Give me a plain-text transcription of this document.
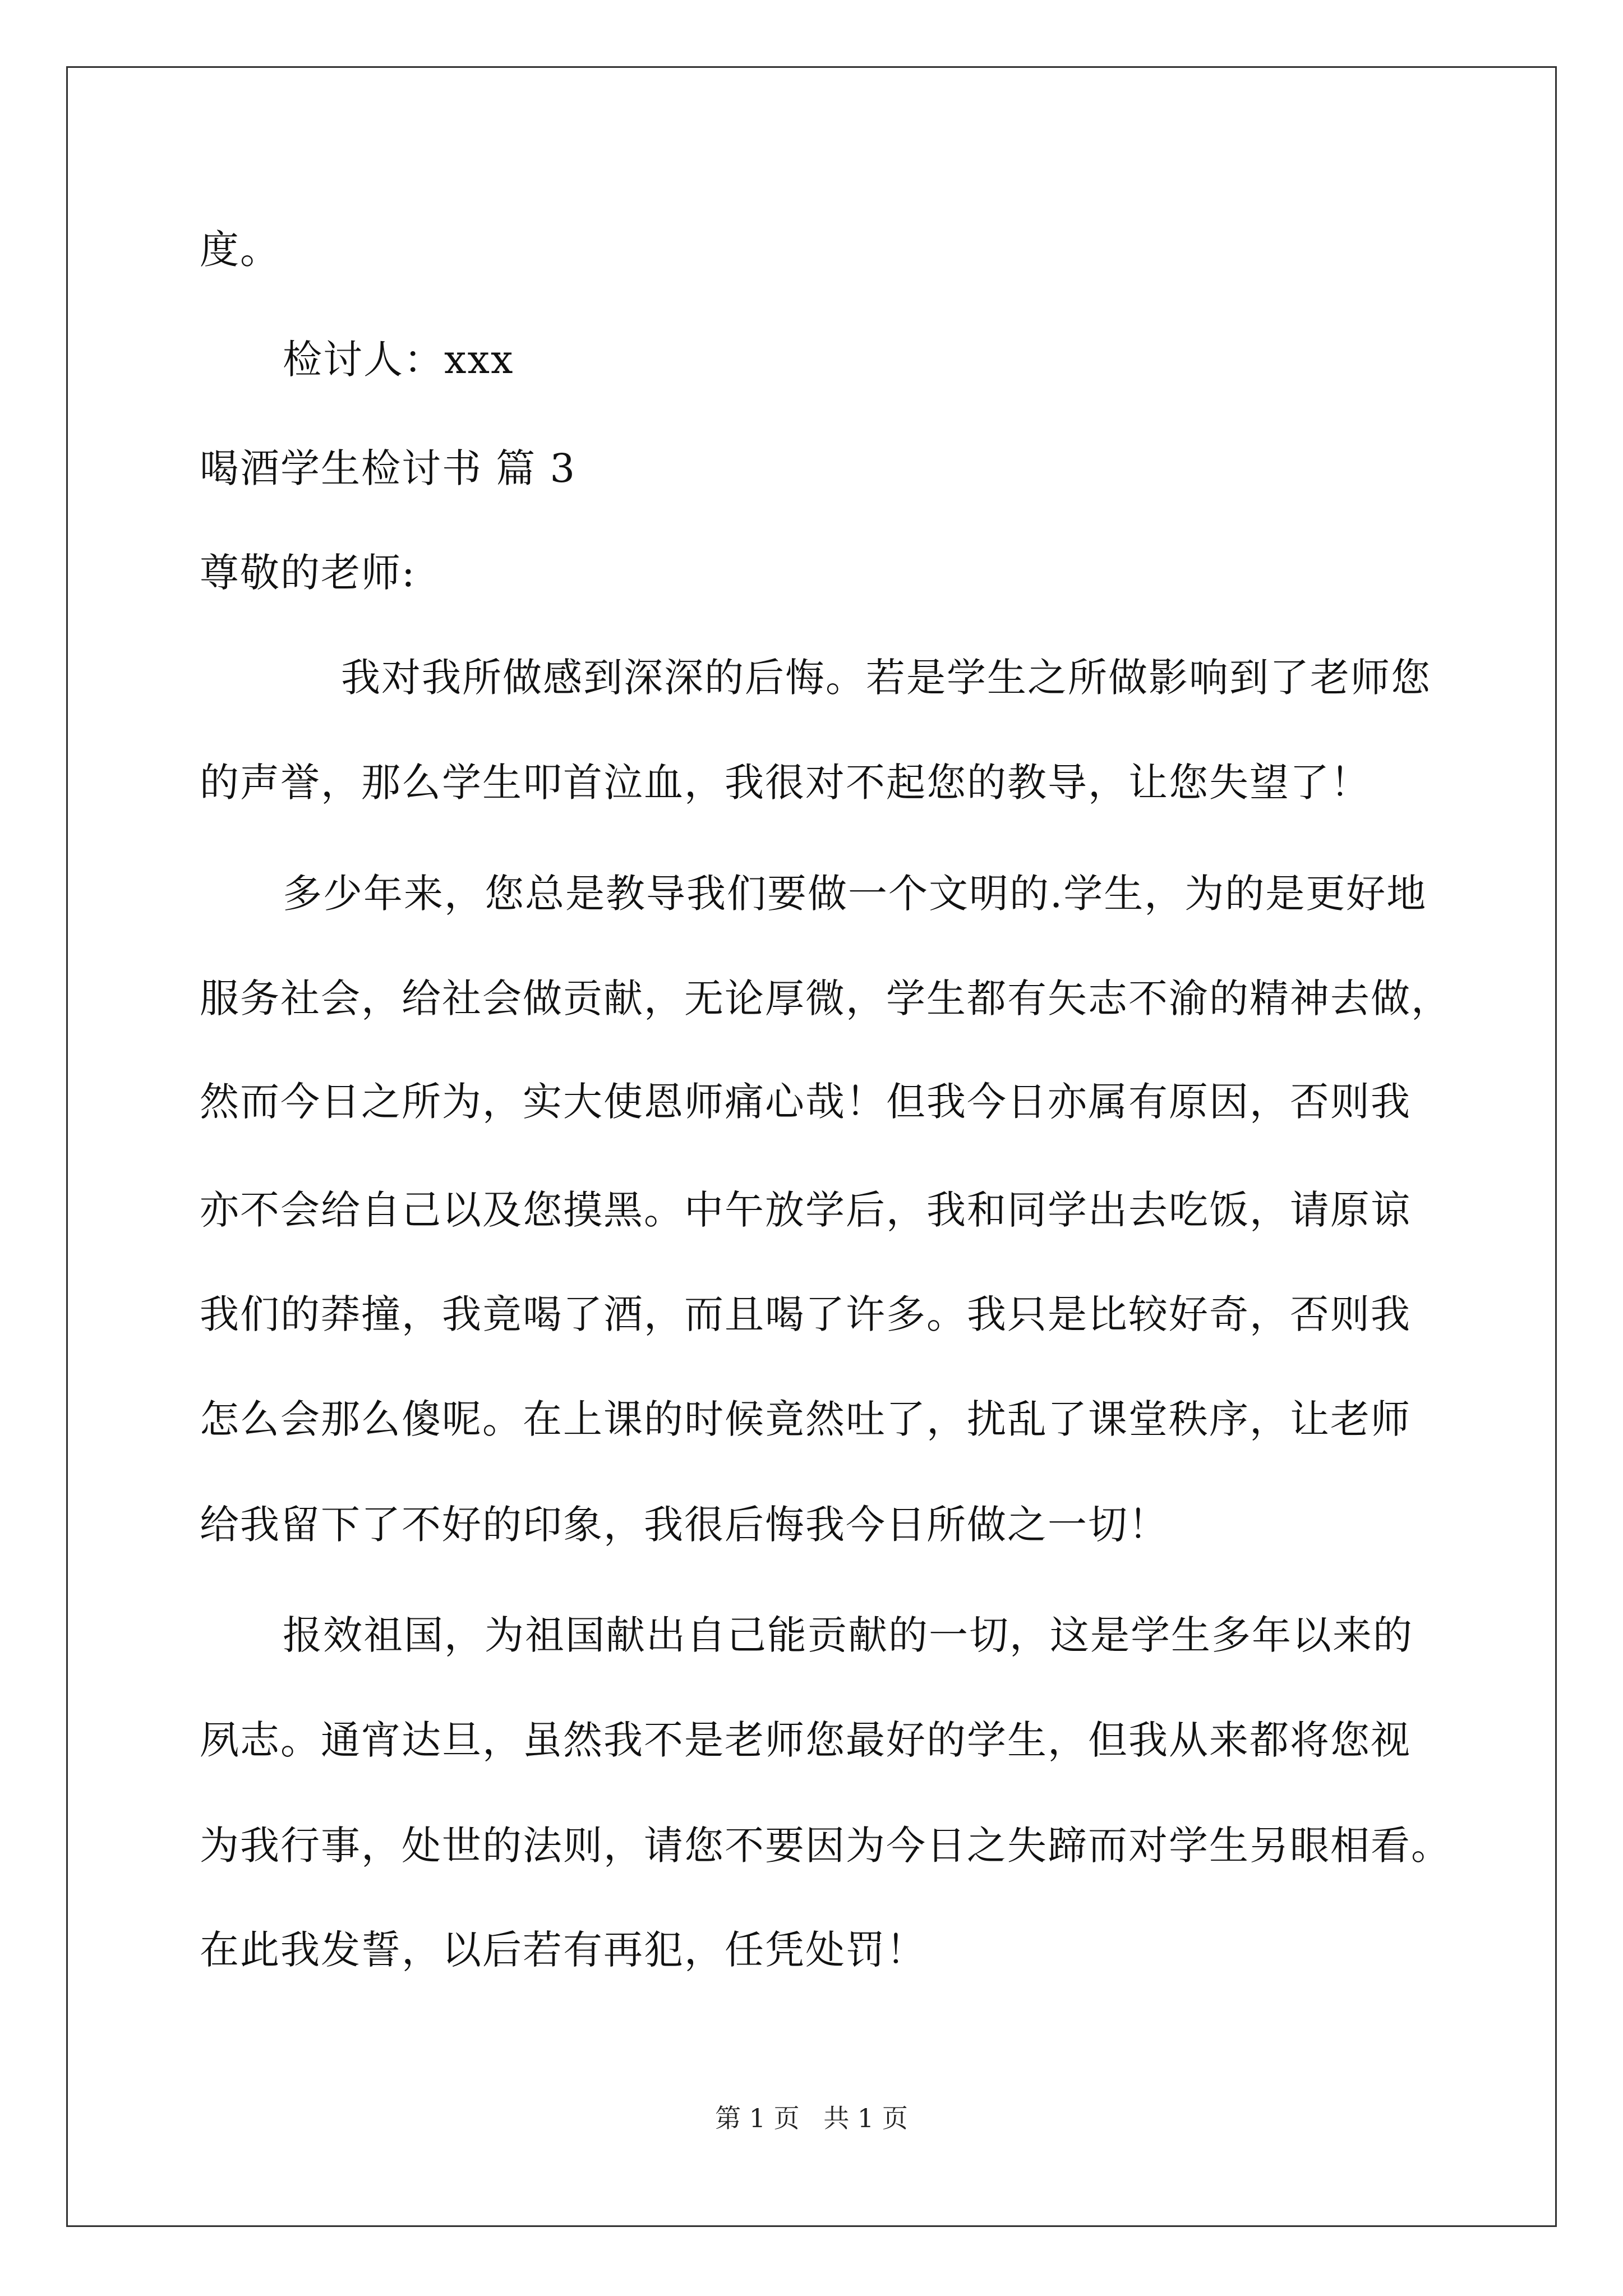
度。
检讨人：xxx
喝酒学生检讨书 篇 3
尊敬的老师:
我对我所做感到深深的后悔。若是学生之所做影响到了老师您
的声誉，那么学生叩首泣血，我很对不起您的教导，让您失望了！
多少年来，您总是教导我们要做一个文明的.学生，为的是更好地
服务社会，给社会做贡献，无论厚微，学生都有矢志不渝的精神去做，
然而今日之所为，实大使恩师痛心哉！但我今日亦属有原因，否则我
亦不会给自己以及您摸黑。中午放学后，我和同学出去吃饭，请原谅
我们的莽撞，我竟喝了酒，而且喝了许多。我只是比较好奇，否则我
怎么会那么傻呢。在上课的时候竟然吐了，扰乱了课堂秩序，让老师
给我留下了不好的印象，我很后悔我今日所做之一切！
报效祖国，为祖国献出自己能贡献的一切，这是学生多年以来的
夙志。通宵达旦，虽然我不是老师您最好的学生，但我从来都将您视
为我行事，处世的法则，请您不要因为今日之失蹄而对学生另眼相看。
在此我发誓，以后若有再犯，任凭处罚！
第 1 页 共 1 页
